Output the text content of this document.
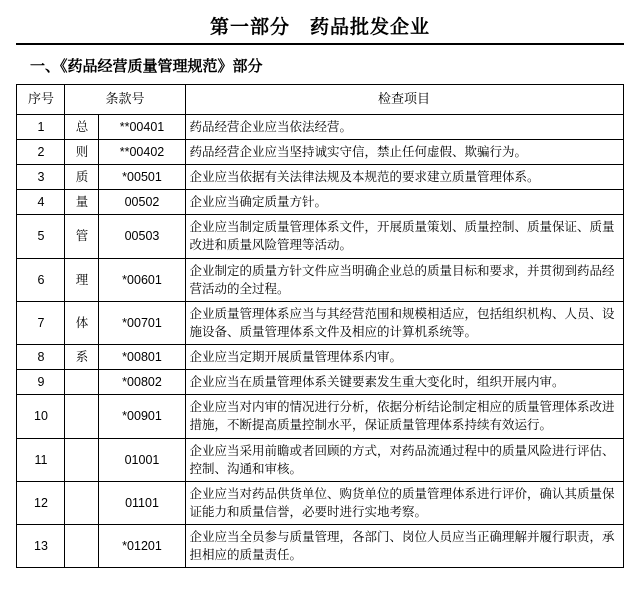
第一部分　药品批发企业
一、《药品经营质量管理规范》部分
序号	条款号		检查项目
1	总	**00401	药品经营企业应当依法经营。
2	则	**00402	药品经营企业应当坚持诚实守信，禁止任何虚假、欺骗行为。
3	质	*00501	企业应当依据有关法律法规及本规范的要求建立质量管理体系。
4	量	00502	企业应当确定质量方针。
5	管	00503	企业应当制定质量管理体系文件，开展质量策划、质量控制、质量保证、质量改进和质量风险管理等活动。
6	理	*00601	企业制定的质量方针文件应当明确企业总的质量目标和要求，并贯彻到药品经营活动的全过程。
7	体	*00701	企业质量管理体系应当与其经营范围和规模相适应，包括组织机构、人员、设施设备、质量管理体系文件及相应的计算机系统等。
8	系	*00801	企业应当定期开展质量管理体系内审。
9		*00802	企业应当在质量管理体系关键要素发生重大变化时，组织开展内审。
10		*00901	企业应当对内审的情况进行分析，依据分析结论制定相应的质量管理体系改进措施，不断提高质量控制水平，保证质量管理体系持续有效运行。
11		01001	企业应当采用前瞻或者回顾的方式，对药品流通过程中的质量风险进行评估、控制、沟通和审核。
12		01101	企业应当对药品供货单位、购货单位的质量管理体系进行评价，确认其质量保证能力和质量信誉，必要时进行实地考察。
13		*01201	企业应当全员参与质量管理，各部门、岗位人员应当正确理解并履行职责，承担相应的质量责任。
